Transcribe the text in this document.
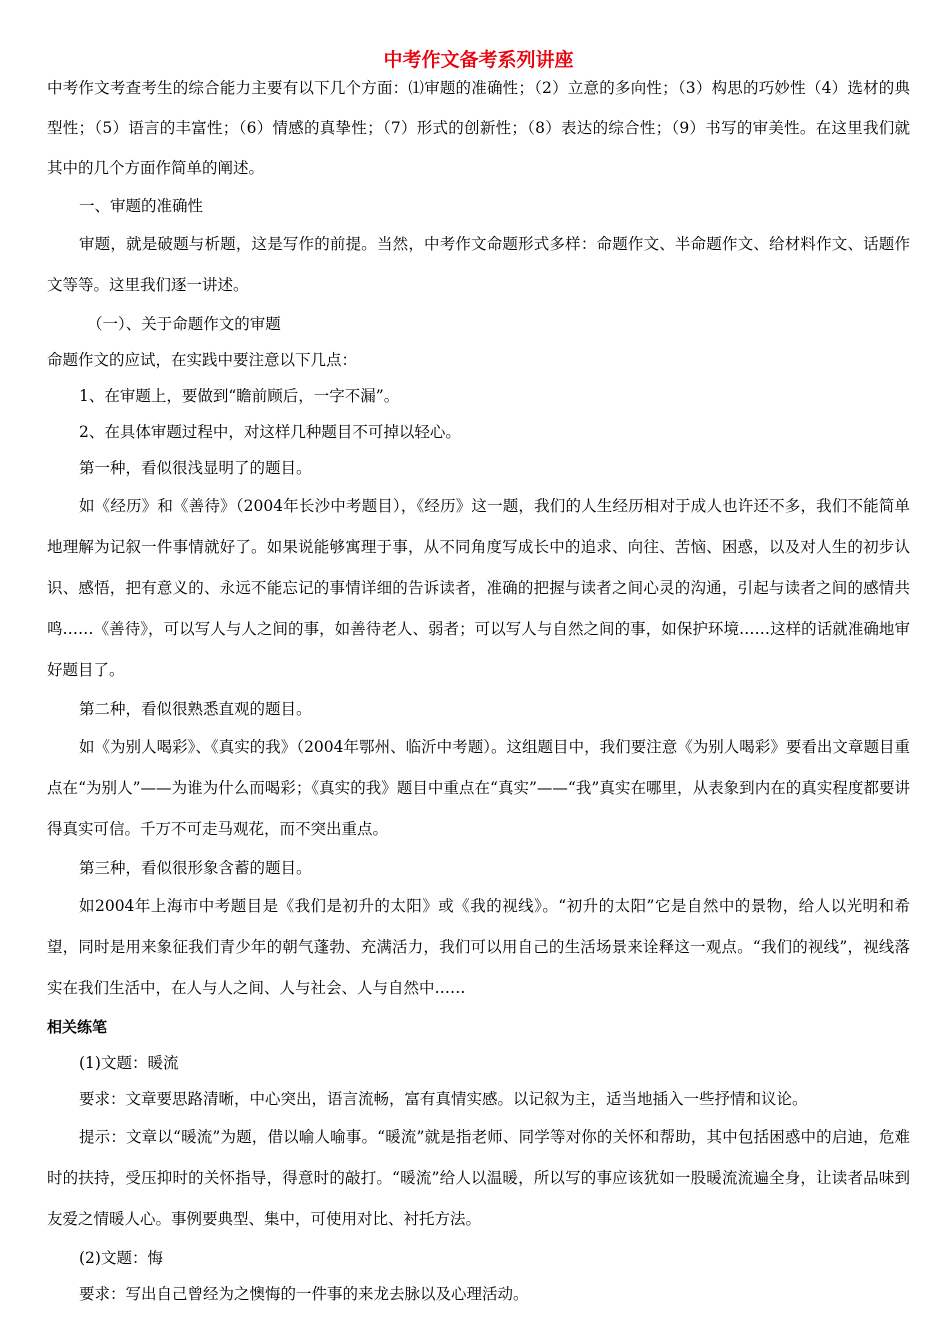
中考作文备考系列讲座

中考作文考查考生的综合能力主要有以下几个方面：⑴审题的准确性；（2）立意的多向性；（3）构思的巧妙性（4）选材的典型性；（5）语言的丰富性；（6）情感的真挚性；（7）形式的创新性；（8）表达的综合性；（9）书写的审美性。在这里我们就其中的几个方面作简单的阐述。

一、审题的准确性

审题，就是破题与析题，这是写作的前提。当然，中考作文命题形式多样：命题作文、半命题作文、给材料作文、话题作文等等。这里我们逐一讲述。

（一）、关于命题作文的审题

命题作文的应试，在实践中要注意以下几点：

1、在审题上，要做到“瞻前顾后，一字不漏”。

2、在具体审题过程中，对这样几种题目不可掉以轻心。

第一种，看似很浅显明了的题目。

如《经历》和《善待》（2004年长沙中考题目），《经历》这一题，我们的人生经历相对于成人也许还不多，我们不能简单地理解为记叙一件事情就好了。如果说能够寓理于事，从不同角度写成长中的追求、向往、苦恼、困惑，以及对人生的初步认识、感悟，把有意义的、永远不能忘记的事情详细的告诉读者，准确的把握与读者之间心灵的沟通，引起与读者之间的感情共鸣……《善待》，可以写人与人之间的事，如善待老人、弱者；可以写人与自然之间的事，如保护环境……这样的话就准确地审好题目了。

第二种，看似很熟悉直观的题目。

如《为别人喝彩》、《真实的我》（2004年鄂州、临沂中考题）。这组题目中，我们要注意《为别人喝彩》要看出文章题目重点在“为别人”——为谁为什么而喝彩；《真实的我》题目中重点在“真实”——“我”真实在哪里，从表象到内在的真实程度都要讲得真实可信。千万不可走马观花，而不突出重点。

第三种，看似很形象含蓄的题目。

如2004年上海市中考题目是《我们是初升的太阳》或《我的视线》。“初升的太阳”它是自然中的景物，给人以光明和希望，同时是用来象征我们青少年的朝气蓬勃、充满活力，我们可以用自己的生活场景来诠释这一观点。“我们的视线”，视线落实在我们生活中，在人与人之间、人与社会、人与自然中……

相关练笔

(1)文题：暖流

要求：文章要思路清晰，中心突出，语言流畅，富有真情实感。以记叙为主，适当地插入一些抒情和议论。

提示：文章以“暖流”为题，借以喻人喻事。“暖流”就是指老师、同学等对你的关怀和帮助，其中包括困惑中的启迪，危难时的扶持，受压抑时的关怀指导，得意时的敲打。“暖流”给人以温暖，所以写的事应该犹如一股暖流流遍全身，让读者品味到友爱之情暖人心。事例要典型、集中，可使用对比、衬托方法。

(2)文题：悔

要求：写出自己曾经为之懊悔的一件事的来龙去脉以及心理活动。
